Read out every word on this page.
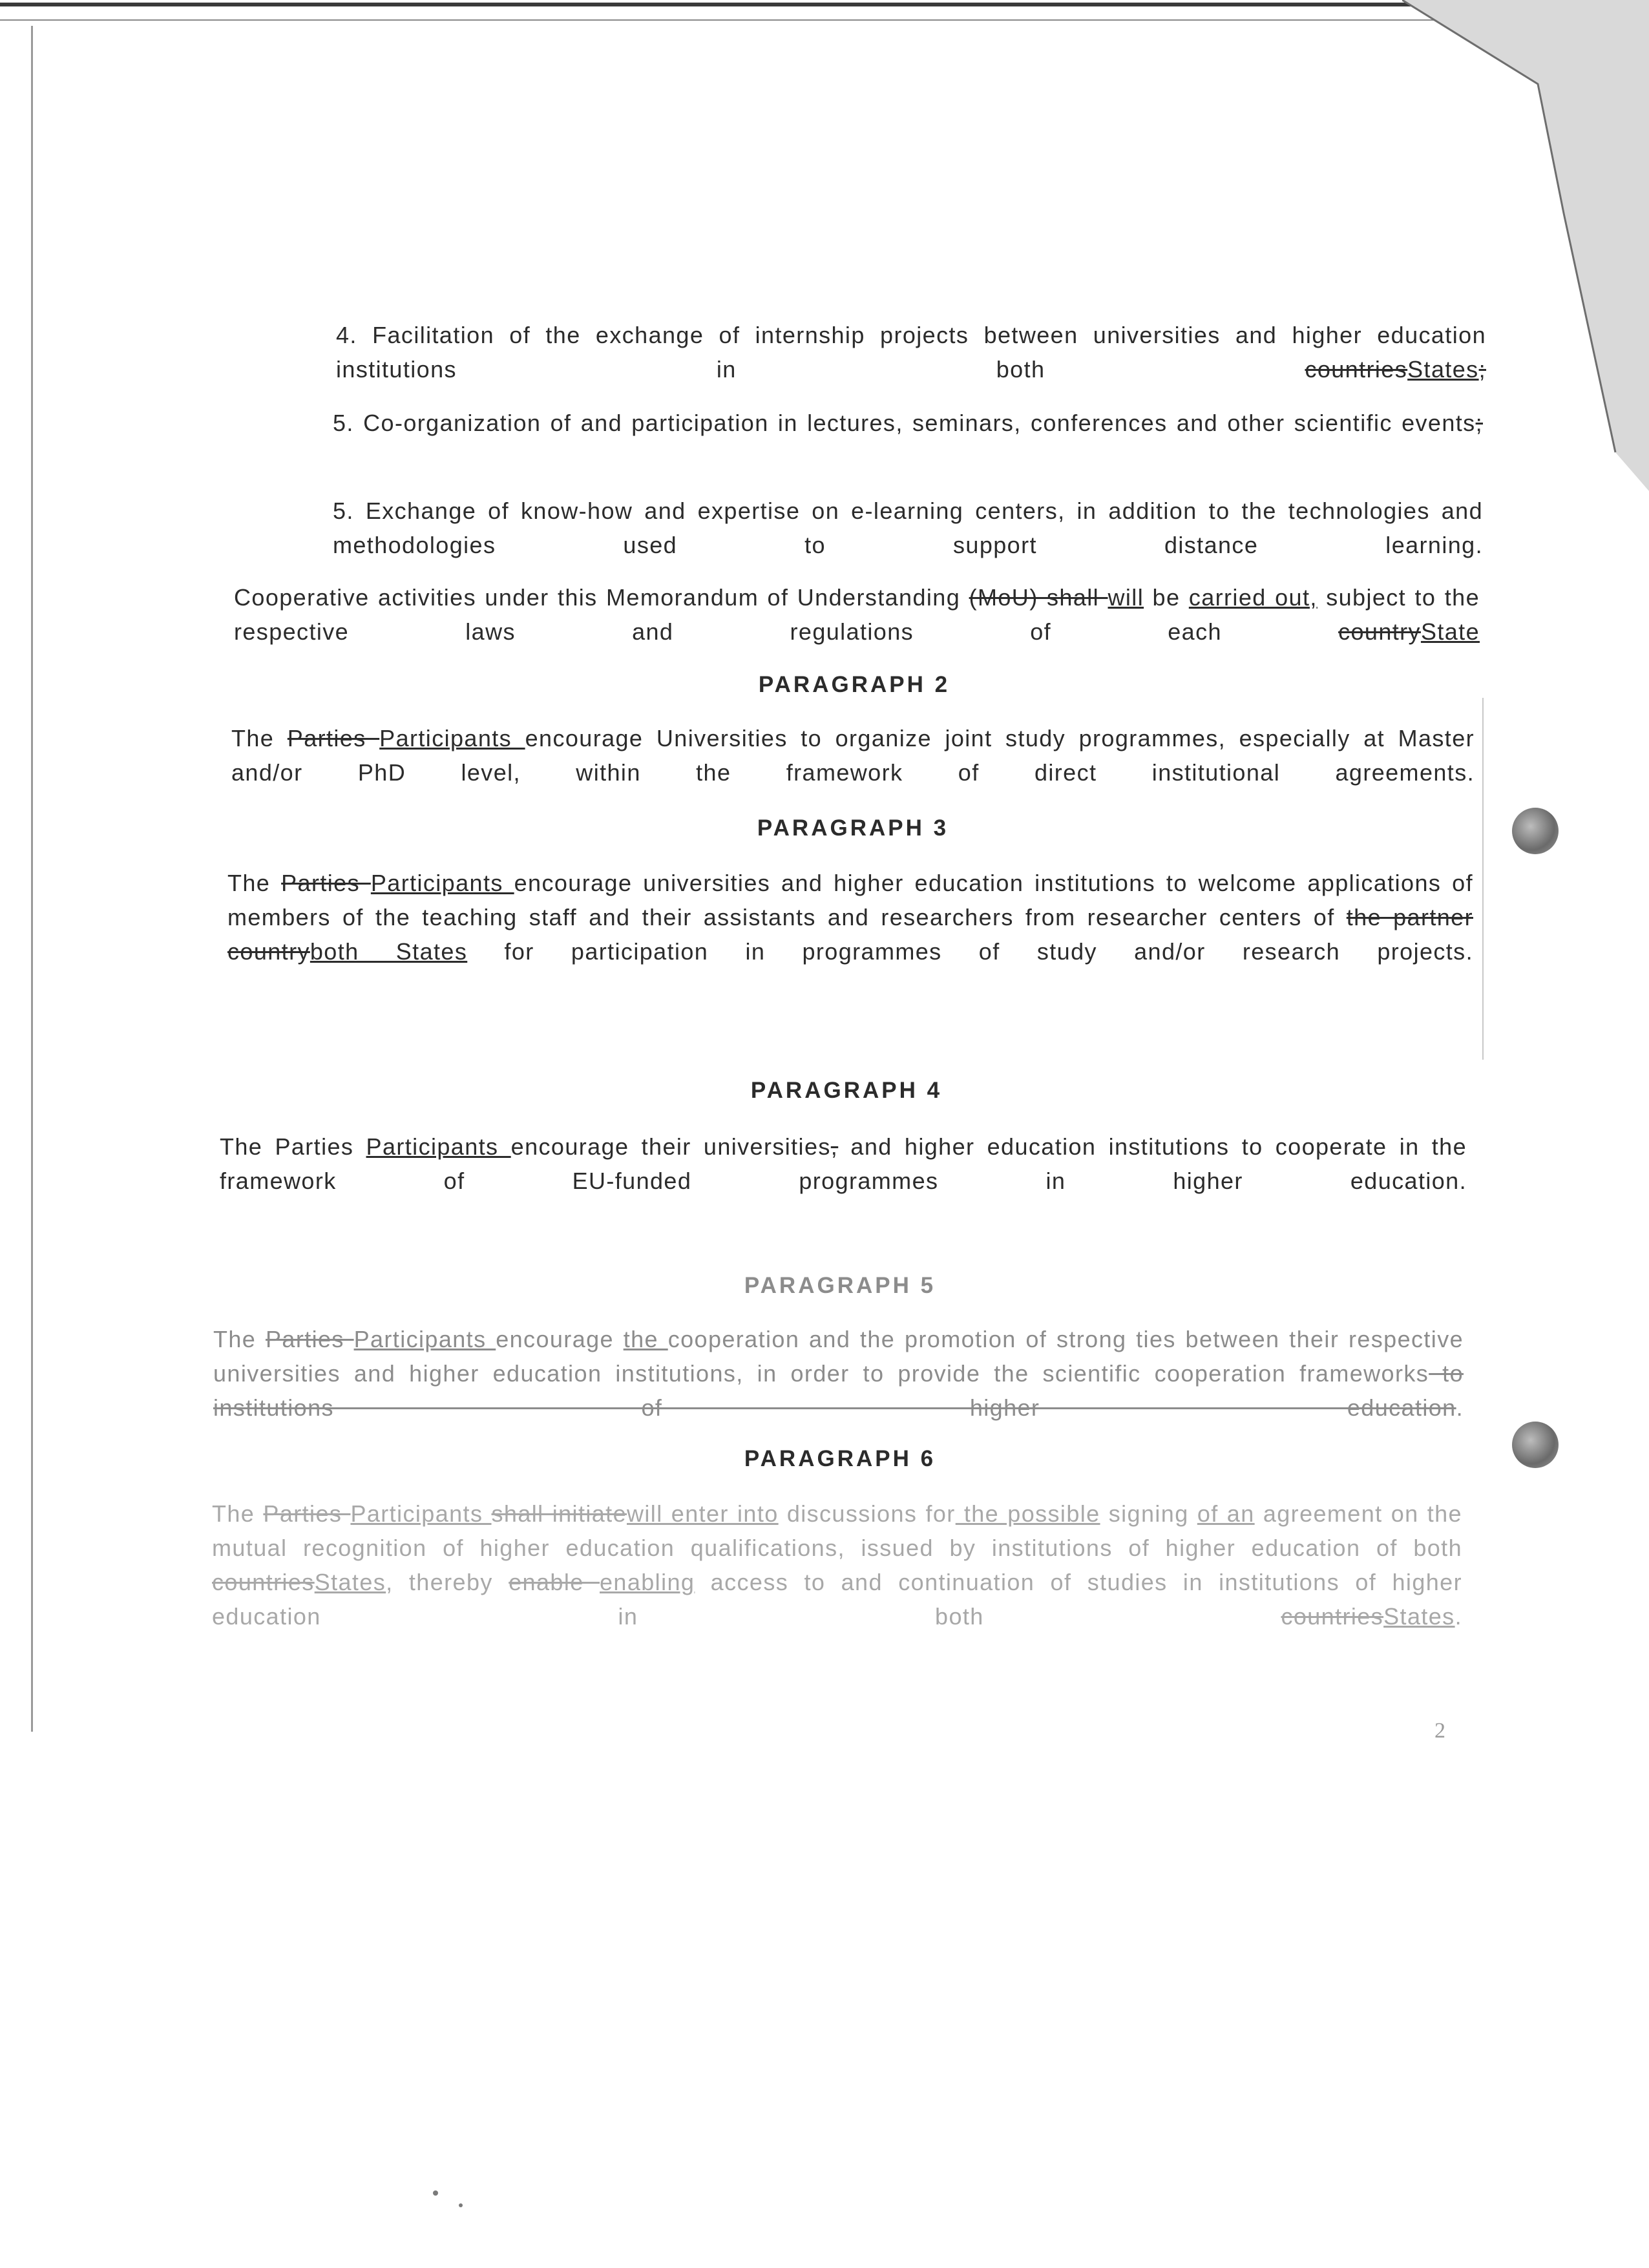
4. Facilitation of the exchange of internship projects between universities and higher education institutions in both countriesStates;

5. Co-organization of and participation in lectures, seminars, conferences and other scientific events;

5. Exchange of know-how and expertise on e-learning centers, in addition to the technologies and methodologies used to support distance learning.

Cooperative activities under this Memorandum of Understanding (MoU) shall will be carried out, subject to the respective laws and regulations of each countryState

PARAGRAPH 2

The Parties Participants encourage Universities to organize joint study programmes, especially at Master and/or PhD level, within the framework of direct institutional agreements.

PARAGRAPH 3

The Parties Participants encourage universities and higher education institutions to welcome applications of members of the teaching staff and their assistants and researchers from researcher centers of the partner countryboth States for participation in programmes of study and/or research projects.

PARAGRAPH 4

The Parties Participants encourage their universities, and higher education institutions to cooperate in the framework of EU-funded programmes in higher education.

PARAGRAPH 5

The Parties Participants encourage the cooperation and the promotion of strong ties between their respective universities and higher education institutions, in order to provide the scientific cooperation frameworks to institutions of higher education.

PARAGRAPH 6

The Parties Participants shall initiatewill enter into discussions for the possible signing of an agreement on the mutual recognition of higher education qualifications, issued by institutions of higher education of both countriesStates, thereby enable enabling access to and continuation of studies in institutions of higher education in both countriesStates.

2
